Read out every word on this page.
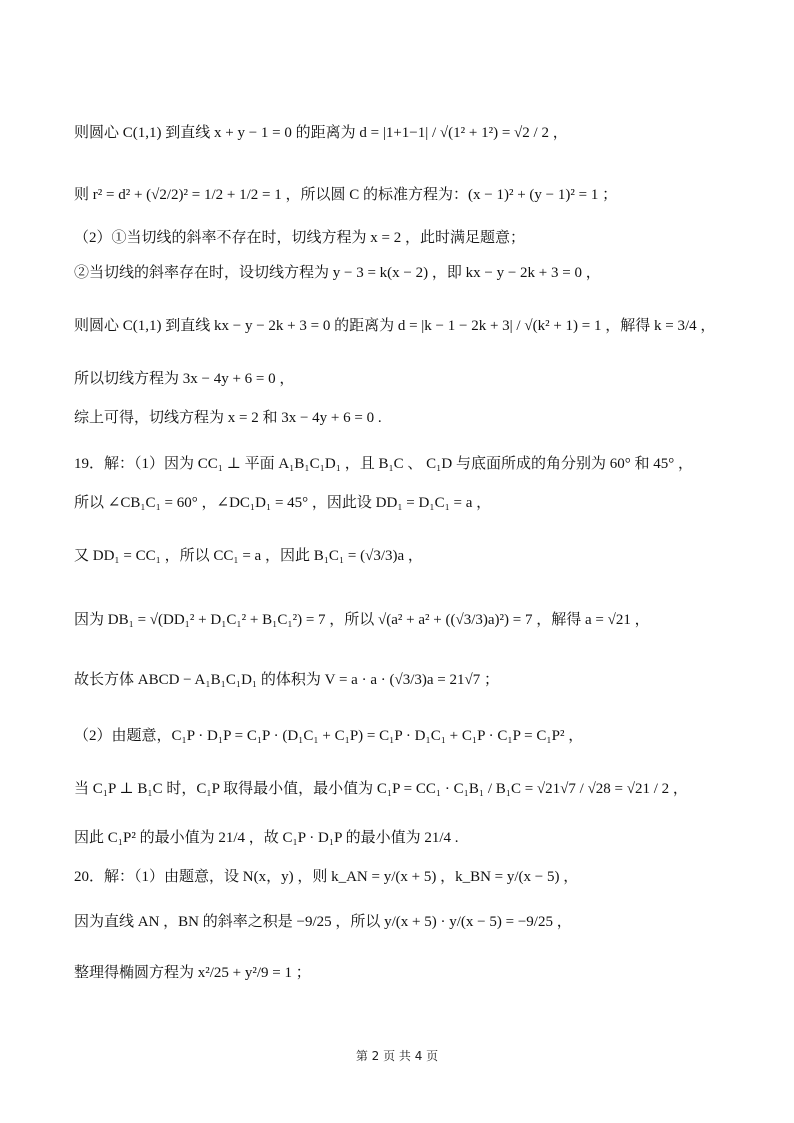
则圆心 C(1,1) 到直线 x + y − 1 = 0 的距离为 d = |1+1−1| / √(1² + 1²) = √2 / 2 ，
则 r² = d² + (√2/2)² = 1/2 + 1/2 = 1 ，所以圆 C 的标准方程为：(x − 1)² + (y − 1)² = 1 ；
（2）①当切线的斜率不存在时，切线方程为 x = 2 ，此时满足题意；
②当切线的斜率存在时，设切线方程为 y − 3 = k(x − 2) ，即 kx − y − 2k + 3 = 0 ，
则圆心 C(1,1) 到直线 kx − y − 2k + 3 = 0 的距离为 d = |k − 1 − 2k + 3| / √(k² + 1) = 1 ，解得 k = 3/4 ，
所以切线方程为 3x − 4y + 6 = 0 ，
综上可得，切线方程为 x = 2 和 3x − 4y + 6 = 0 .
19．解：（1）因为 CC₁ ⊥ 平面 A₁B₁C₁D₁ ，且 B₁C 、 C₁D 与底面所成的角分别为 60° 和 45° ，
所以 ∠CB₁C₁ = 60° ，∠DC₁D₁ = 45° ，因此设 DD₁ = D₁C₁ = a ，
又 DD₁ = CC₁ ，所以 CC₁ = a ，因此 B₁C₁ = (√3/3)a ，
因为 DB₁ = √(DD₁² + D₁C₁² + B₁C₁²) = 7 ，所以 √(a² + a² + ((√3/3)a)²) = 7 ，解得 a = √21 ，
故长方体 ABCD − A₁B₁C₁D₁ 的体积为 V = a · a · (√3/3)a = 21√7 ；
（2）由题意，C₁P · D₁P = C₁P · (D₁C₁ + C₁P) = C₁P · D₁C₁ + C₁P · C₁P = C₁P² ，
当 C₁P ⊥ B₁C 时，C₁P 取得最小值，最小值为 C₁P = CC₁ · C₁B₁ / B₁C = √21√7 / √28 = √21 / 2 ，
因此 C₁P² 的最小值为 21/4 ，故 C₁P · D₁P 的最小值为 21/4 .
20．解：（1）由题意，设 N(x，y) ，则 k_AN = y/(x + 5) ，k_BN = y/(x − 5) ，
因为直线 AN ，BN 的斜率之积是 −9/25 ，所以 y/(x + 5) · y/(x − 5) = −9/25 ，
整理得椭圆方程为 x²/25 + y²/9 = 1 ；
第 2 页 共 4 页
